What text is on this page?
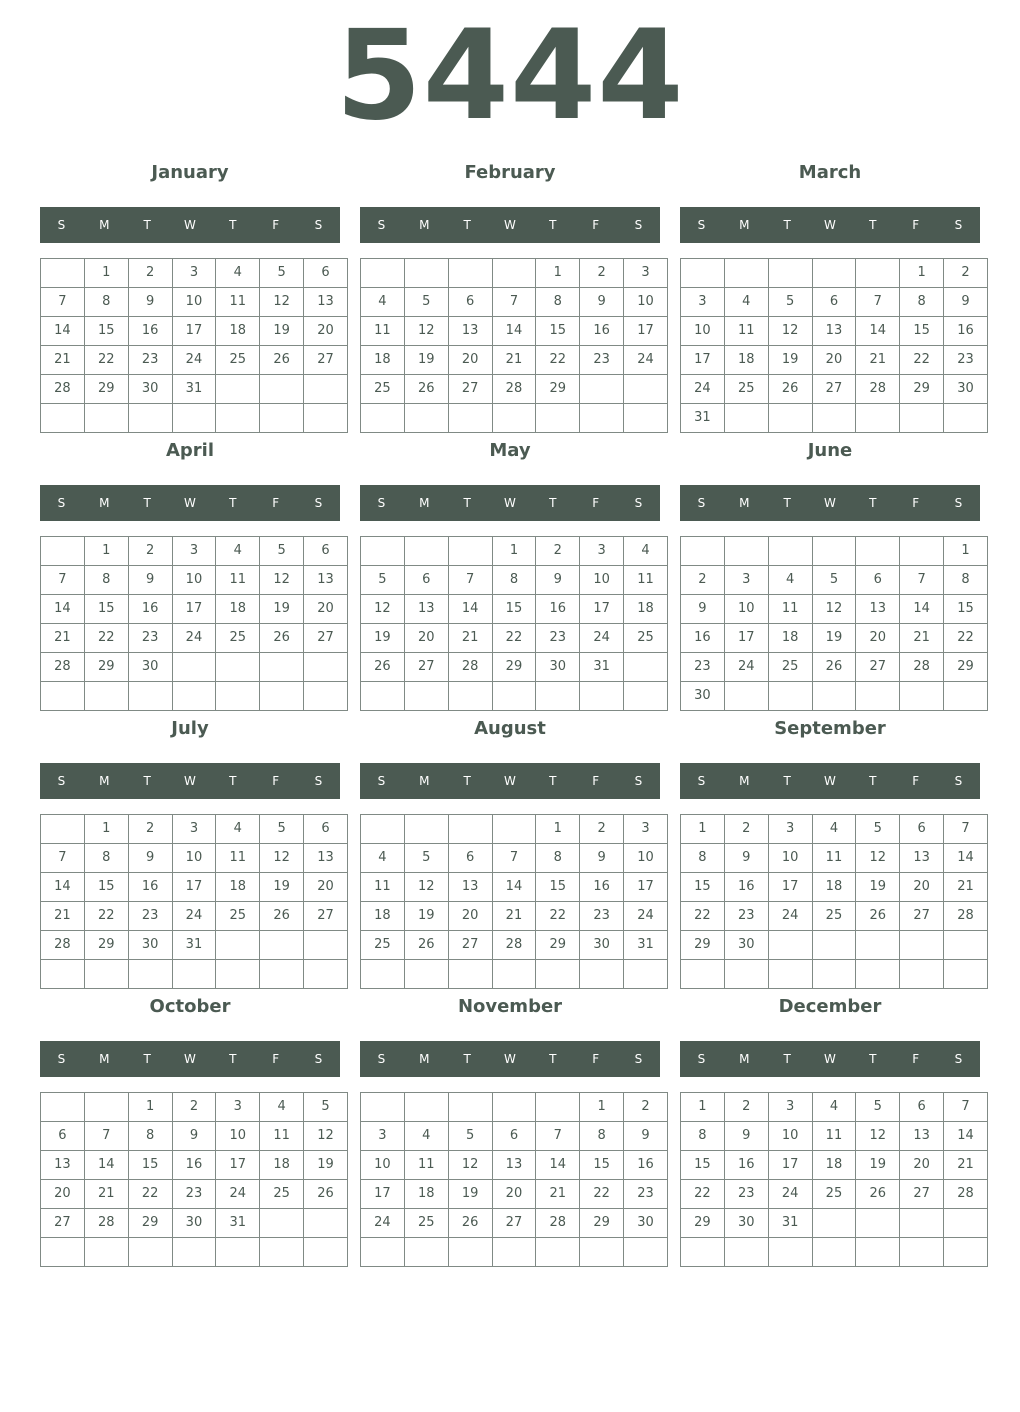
5444
January
S	M	T	W	T	F	S
	1	2	3	4	5	6
7	8	9	10	11	12	13
14	15	16	17	18	19	20
21	22	23	24	25	26	27
28	29	30	31			

February
S	M	T	W	T	F	S
				1	2	3
4	5	6	7	8	9	10
11	12	13	14	15	16	17
18	19	20	21	22	23	24
25	26	27	28	29		

March
S	M	T	W	T	F	S
					1	2
3	4	5	6	7	8	9
10	11	12	13	14	15	16
17	18	19	20	21	22	23
24	25	26	27	28	29	30
31						
April
S	M	T	W	T	F	S
	1	2	3	4	5	6
7	8	9	10	11	12	13
14	15	16	17	18	19	20
21	22	23	24	25	26	27
28	29	30				

May
S	M	T	W	T	F	S
			1	2	3	4
5	6	7	8	9	10	11
12	13	14	15	16	17	18
19	20	21	22	23	24	25
26	27	28	29	30	31	

June
S	M	T	W	T	F	S
						1
2	3	4	5	6	7	8
9	10	11	12	13	14	15
16	17	18	19	20	21	22
23	24	25	26	27	28	29
30						
July
S	M	T	W	T	F	S
	1	2	3	4	5	6
7	8	9	10	11	12	13
14	15	16	17	18	19	20
21	22	23	24	25	26	27
28	29	30	31			

August
S	M	T	W	T	F	S
				1	2	3
4	5	6	7	8	9	10
11	12	13	14	15	16	17
18	19	20	21	22	23	24
25	26	27	28	29	30	31

September
S	M	T	W	T	F	S
1	2	3	4	5	6	7
8	9	10	11	12	13	14
15	16	17	18	19	20	21
22	23	24	25	26	27	28
29	30					

October
S	M	T	W	T	F	S
		1	2	3	4	5
6	7	8	9	10	11	12
13	14	15	16	17	18	19
20	21	22	23	24	25	26
27	28	29	30	31		

November
S	M	T	W	T	F	S
					1	2
3	4	5	6	7	8	9
10	11	12	13	14	15	16
17	18	19	20	21	22	23
24	25	26	27	28	29	30

December
S	M	T	W	T	F	S
1	2	3	4	5	6	7
8	9	10	11	12	13	14
15	16	17	18	19	20	21
22	23	24	25	26	27	28
29	30	31				
